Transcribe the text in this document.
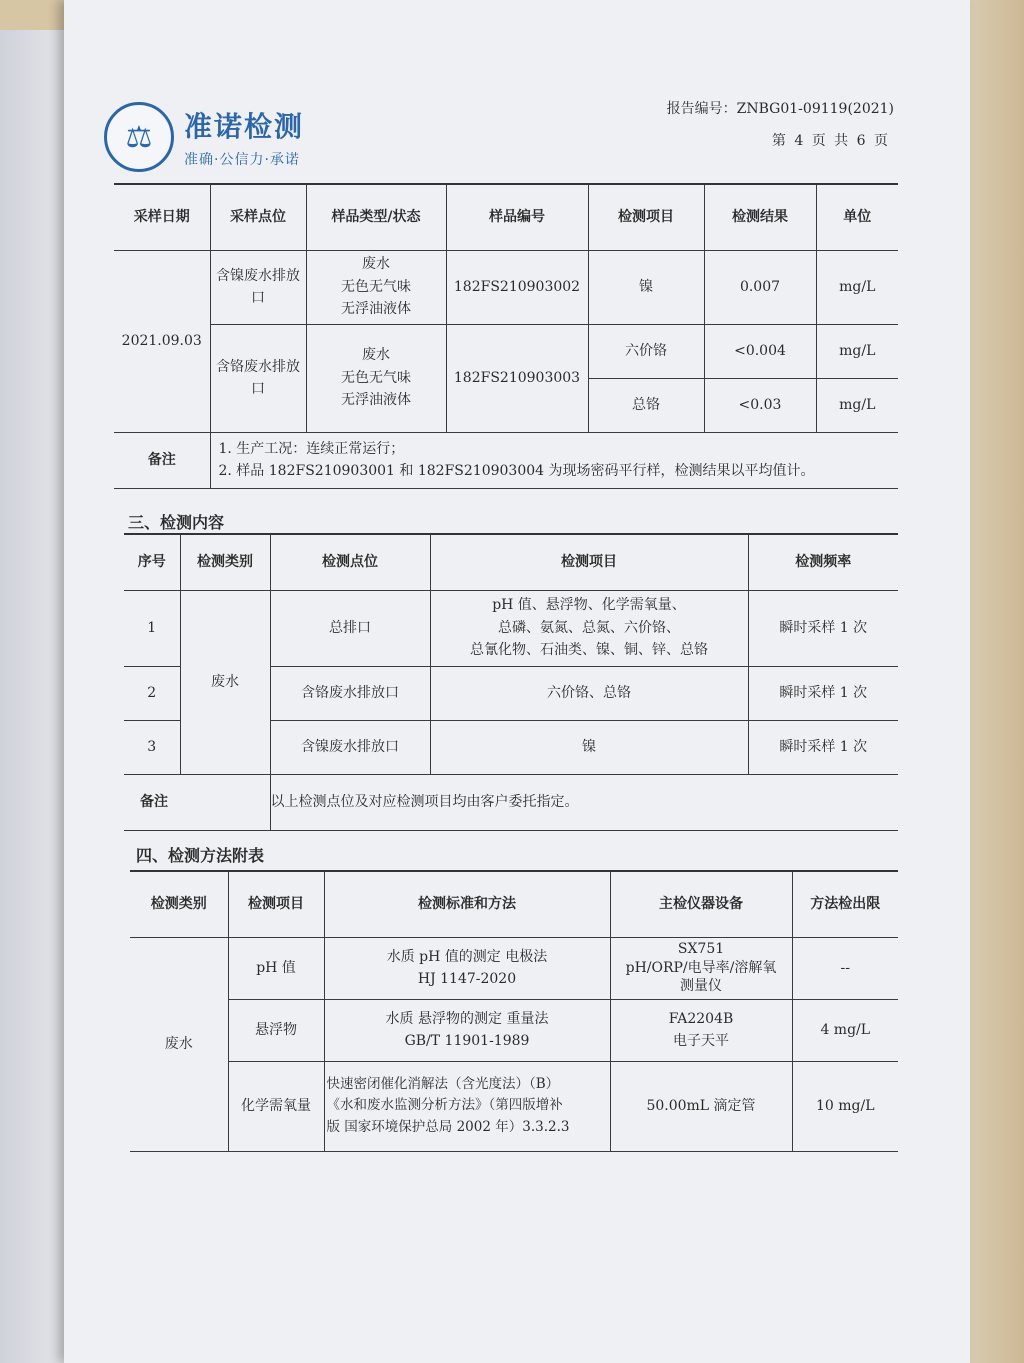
⚖	准诺检测
准确·公信力·承诺
报告编号：ZNBG01-09119(2021)
第 4 页 共 6 页
采样日期	采样点位	样品类型/状态	样品编号	检测项目	检测结果	单位
2021.09.03	含镍废水排放口	废水
无色无气味
无浮油液体	182FS210903002	镍	0.007	mg/L
	含铬废水排放口	废水
无色无气味
无浮油液体	182FS210903003	六价铬	<0.004	mg/L
				总铬	<0.03	mg/L
备注	1. 生产工况：连续正常运行；
2. 样品 182FS210903001 和 182FS210903004 为现场密码平行样，检测结果以平均值计。					
三、检测内容
序号	检测类别	检测点位	检测项目	检测频率
1	废水	总排口	pH 值、悬浮物、化学需氧量、
总磷、氨氮、总氮、六价铬、
总氰化物、石油类、镍、铜、锌、总铬	瞬时采样 1 次
2		含铬废水排放口	六价铬、总铬	瞬时采样 1 次
3		含镍废水排放口	镍	瞬时采样 1 次
备注		以上检测点位及对应检测项目均由客户委托指定。		
四、检测方法附表
检测类别	检测项目	检测标准和方法	主检仪器设备	方法检出限
废水	pH 值	水质 pH 值的测定 电极法
HJ 1147-2020	SX751
pH/ORP/电导率/溶解氧
测量仪	--
	悬浮物	水质 悬浮物的测定 重量法
GB/T 11901-1989	FA2204B
电子天平	4 mg/L
	化学需氧量	快速密闭催化消解法（含光度法）（B）
《水和废水监测分析方法》（第四版增补
版 国家环境保护总局 2002 年）3.3.2.3	50.00mL 滴定管	10 mg/L
